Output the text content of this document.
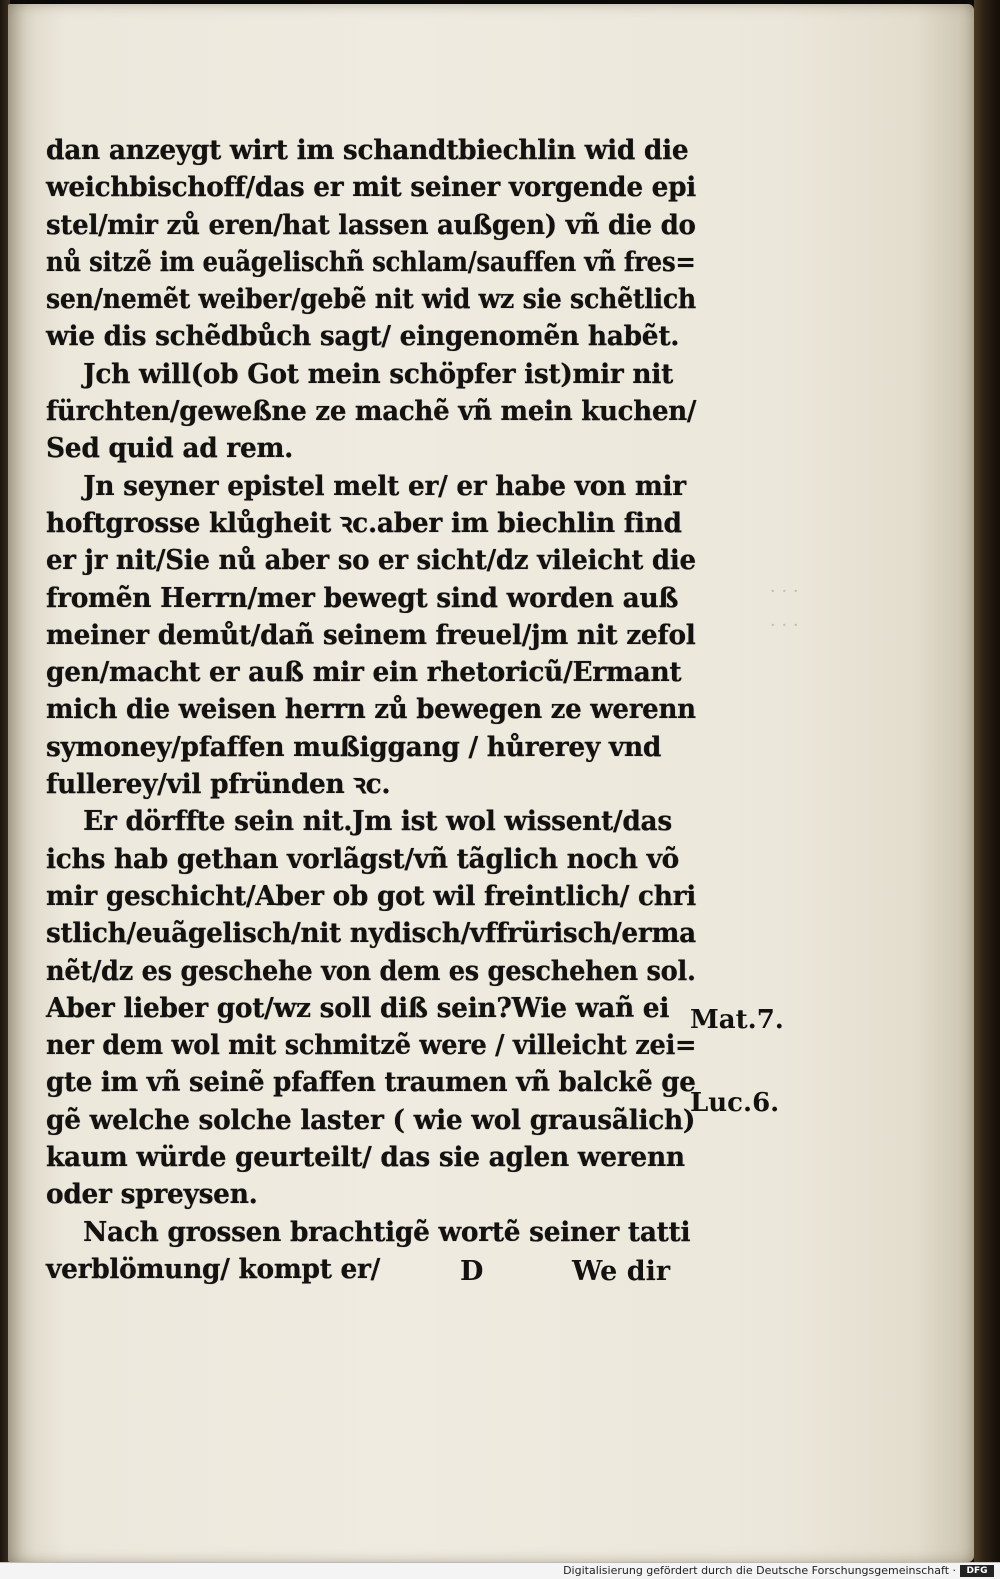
· · ·
· · ·
dan anzeygt wirt im schandtbiechlin wid die
weichbischoff/das er mit seiner vorgende epi
stel/mir zů eren/hat lassen außgen) vñ die do
nů sitzẽ im euãgelischñ schlam/sauffen vñ fres=
sen/nemẽt weiber/gebẽ nit wid wz sie schẽtlich
wie dis schẽdbůch sagt/ eingenomẽn habẽt.
Jch will(ob Got mein schöpfer ist)mir nit
fürchten/geweßne ze machẽ vñ mein kuchen/
Sed quid ad rem.
Jn seyner epistel melt er/ er habe von mir
hoftgrosse klůgheit ꝛc.aber im biechlin find
er jr nit/Sie nů aber so er sicht/dz vileicht die
fromẽn Herrn/mer bewegt sind worden auß
meiner demůt/dañ seinem freuel/jm nit zefol
gen/macht er auß mir ein rhetoricũ/Ermant
mich die weisen herrn zů bewegen ze werenn
symoney/pfaffen mußiggang / hůrerey vnd
fullerey/vil pfründen ꝛc.
Er dörffte sein nit.Jm ist wol wissent/das
ichs hab gethan vorlãgst/vñ tãglich noch võ
mir geschicht/Aber ob got wil freintlich/ chri
stlich/euãgelisch/nit nydisch/vffrürisch/erma
nẽt/dz es geschehe von dem es geschehen sol.
Aber lieber got/wz soll diß sein?Wie wañ ei
ner dem wol mit schmitzẽ were / villeicht zei=
gte im vñ seinẽ pfaffen traumen vñ balckẽ ge
gẽ welche solche laster ( wie wol grausãlich)
kaum würde geurteilt/ das sie aglen werenn
oder spreysen.
Nach grossen brachtigẽ wortẽ seiner tatti
verblömung/ kompt er/
Mat.7.
Luc.6.
D	We dir
Digitalisierung gefördert durch die Deutsche Forschungsgemeinschaft ·	DFG
